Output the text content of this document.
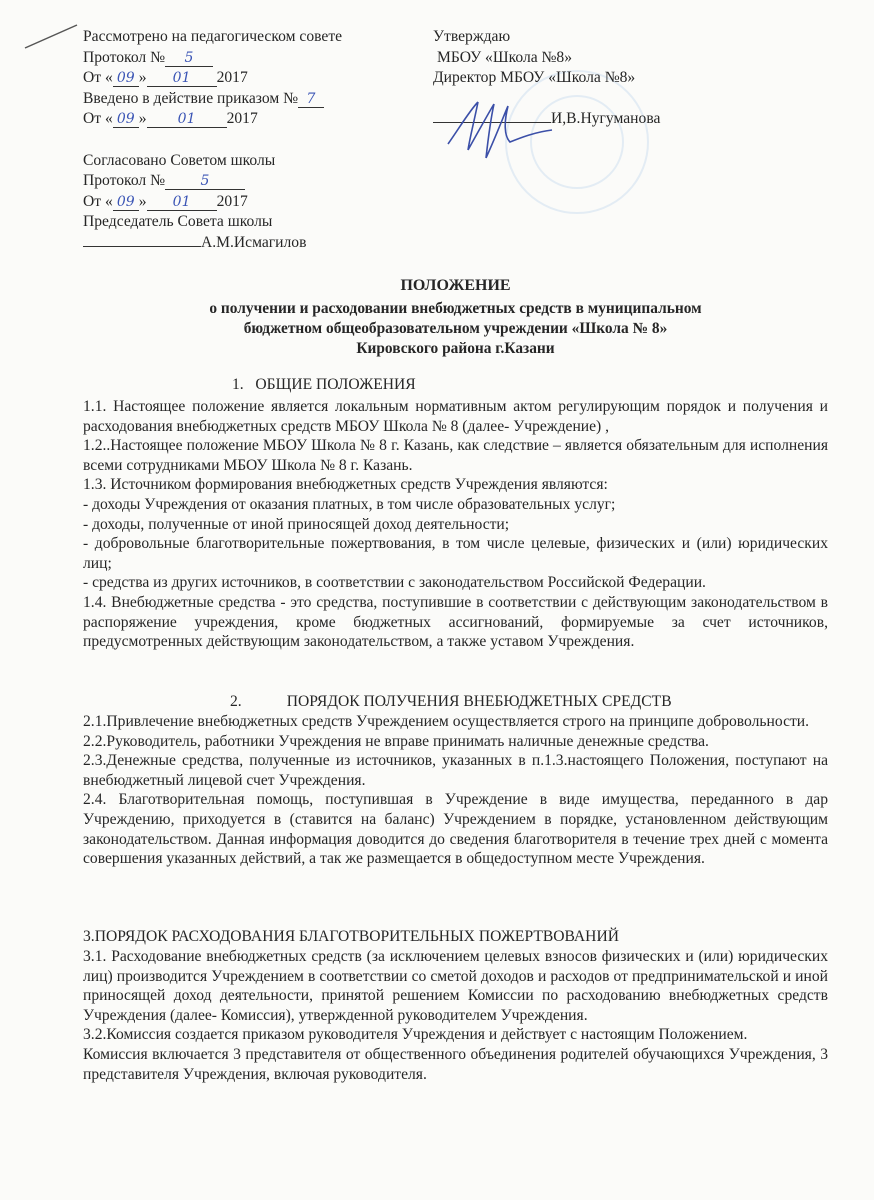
Рассмотрено на педагогическом совете
Протокол № 5
От « 09 » 01 2017
Введено в действие приказом № 7
От « 09 » 01 2017
Согласовано Советом школы
Протокол №	5
От « 09 » 01 2017
Председатель Совета школы
А.М.Исмагилов
Утверждаю
МБОУ «Школа №8»
Директор МБОУ «Школа №8»
И,В.Нугуманова
ПОЛОЖЕНИЕ
о получении и расходовании внебюджетных средств в муниципальном
бюджетном общеобразовательном учреждении «Школа № 8»
Кировского района г.Казани
1. ОБЩИЕ ПОЛОЖЕНИЯ

1.1. Настоящее положение является локальным нормативным актом регулирующим порядок и получения и расходования внебюджетных средств МБОУ Школа № 8 (далее- Учреждение) ,

1.2..Настоящее положение МБОУ Школа № 8 г. Казань, как следствие – является обязательным для исполнения всеми сотрудниками МБОУ Школа № 8 г. Казань.

1.3. Источником формирования внебюджетных средств Учреждения являются:

- доходы Учреждения от оказания платных, в том числе образовательных услуг;

- доходы, полученные от иной приносящей доход деятельности;

- добровольные благотворительные пожертвования, в том числе целевые, физических и (или) юридических лиц;

- средства из других источников, в соответствии с законодательством Российской Федерации.

1.4. Внебюджетные средства - это средства, поступившие в соответствии с действующим законодательством в распоряжение учреждения, кроме бюджетных ассигнований, формируемые за счет источников, предусмотренных действующим законодательством, а также уставом Учреждения.

2.	ПОРЯДОК ПОЛУЧЕНИЯ ВНЕБЮДЖЕТНЫХ СРЕДСТВ

2.1.Привлечение внебюджетных средств Учреждением осуществляется строго на принципе добровольности.

2.2.Руководитель, работники Учреждения не вправе принимать наличные денежные средства.

2.3.Денежные средства, полученные из источников, указанных в п.1.3.настоящего Положения, поступают на внебюджетный лицевой счет Учреждения.

2.4. Благотворительная помощь, поступившая в Учреждение в виде имущества, переданного в дар Учреждению, приходуется в (ставится на баланс) Учреждением в порядке, установленном действующим законодательством. Данная информация доводится до сведения благотворителя в течение трех дней с момента совершения указанных действий, а так же размещается в общедоступном месте Учреждения.

3.ПОРЯДОК РАСХОДОВАНИЯ БЛАГОТВОРИТЕЛЬНЫХ ПОЖЕРТВОВАНИЙ

3.1. Расходование внебюджетных средств (за исключением целевых взносов физических и (или) юридических лиц) производится Учреждением в соответствии со сметой доходов и расходов от предпринимательской и иной приносящей доход деятельности, принятой решением Комиссии по расходованию внебюджетных средств Учреждения (далее- Комиссия), утвержденной руководителем Учреждения.

3.2.Комиссия создается приказом руководителя Учреждения и действует с настоящим Положением.

Комиссия включается 3 представителя от общественного объединения родителей обучающихся Учреждения, 3 представителя Учреждения, включая руководителя.
